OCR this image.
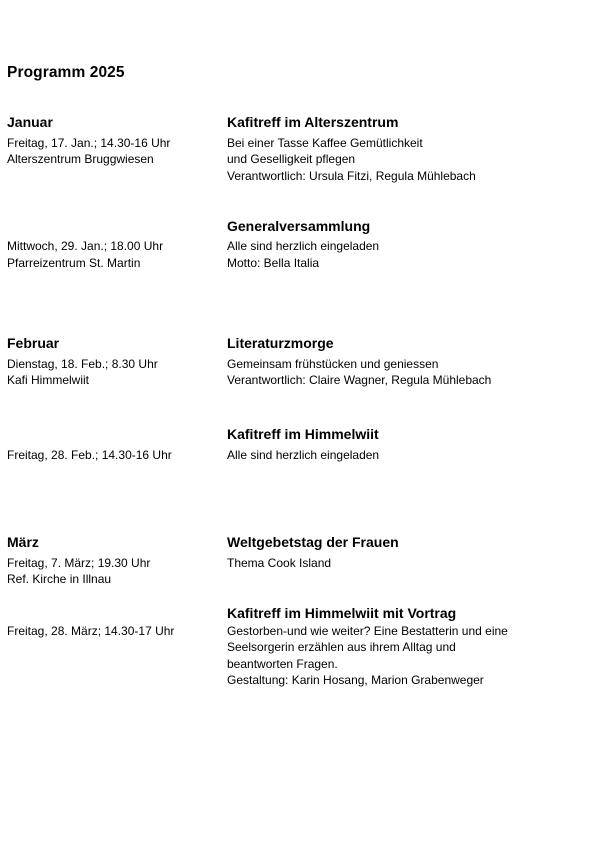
Programm 2025
Januar
Freitag, 17. Jan.; 14.30-16 Uhr
Alterszentrum Bruggwiesen
Kafitreff im Alterszentrum
Bei einer Tasse Kaffee Gemütlichkeit
und Geselligkeit pflegen
Verantwortlich: Ursula Fitzi, Regula Mühlebach
Generalversammlung
Mittwoch, 29. Jan.; 18.00 Uhr
Pfarreizentrum St. Martin
Alle sind herzlich eingeladen
Motto: Bella Italia
Februar
Dienstag, 18. Feb.; 8.30 Uhr
Kafi Himmelwiit
Literaturzmorge
Gemeinsam frühstücken und geniessen
Verantwortlich: Claire Wagner, Regula Mühlebach
Kafitreff im Himmelwiit
Freitag, 28. Feb.; 14.30-16 Uhr	Alle sind herzlich eingeladen
März
Freitag, 7. März; 19.30 Uhr
Ref. Kirche in Illnau
Weltgebetstag der Frauen
Thema Cook Island
Kafitreff im Himmelwiit mit Vortrag
Freitag, 28. März; 14.30-17 Uhr	Gestorben-und wie weiter? Eine Bestatterin und eine
Seelsorgerin erzählen aus ihrem Alltag und
beantworten Fragen.
Gestaltung: Karin Hosang, Marion Grabenweger
